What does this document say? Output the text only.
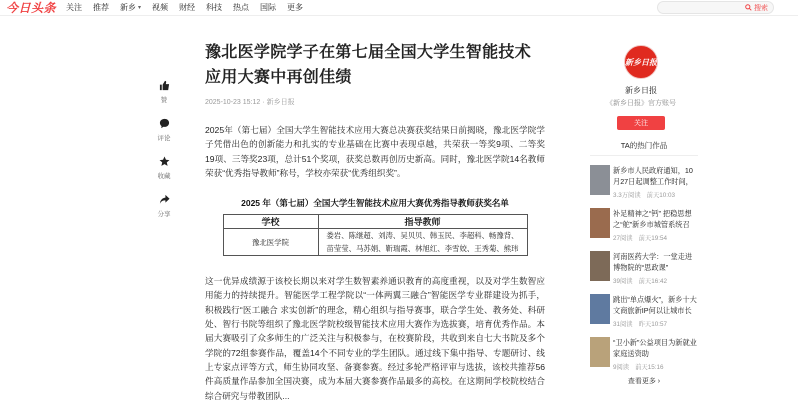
今日头条 关注 推荐 新乡 ▾ 视频 财经 科技 热点 国际 更多	搜索
赞
评论
收藏
分享
豫北医学院学子在第七届全国大学生智能技术应用大赛中再创佳绩
2025-10-23 15:12 · 新乡日报

2025年（第七届）全国大学生智能技术应用大赛总决赛获奖结果日前揭晓，豫北医学院学子凭借出色的创新能力和扎实的专业基础在比赛中表现卓越，共荣获一等奖9项、二等奖19项、三等奖23项，总计51个奖项，获奖总数再创历史新高。同时，豫北医学院14名教师荣获“优秀指导教师”称号，学校亦荣获“优秀组织奖”。

2025 年（第七届）全国大学生智能技术应用大赛优秀指导教师获奖名单
学校	指导教师
豫北医学院	娄岩、陈继超、刘涛、吴贝贝、韩玉民、李超科、畅豫背、
苗莹莹、马苏娟、靳瑞霞、林旭红、李雪姣、王秀菊、熊玮

这一优异成绩源于该校长期以来对学生数智素养通识教育的高度重视，以及对学生数智应用能力的持续提升。智能医学工程学院以“一体两翼三融合”智能医学专业群建设为抓手，积极践行“医工融合 求实创新”的理念，精心组织与指导赛事，联合学生处、教务处、科研处、智行书院等组织了豫北医学院校级智能技术应用大赛作为选拔赛，培育优秀作品。本届大赛吸引了众多师生的广泛关注与积极参与，在校赛阶段，共收到来自七大书院及多个学院的72组参赛作品，覆盖14个不同专业的学生团队。通过线下集中指导、专题研讨、线上专家点评等方式，师生协同攻坚、备赛参赛。经过多轮严格评审与选拔，该校共推荐56件高质量作品参加全国决赛，成为本届大赛参赛作品最多的高校。在这期间学校院校结合综合研究与带教团队...

新乡日报
新乡日报
《新乡日报》官方账号
关注
TA的热门作品
新乡市人民政府通知，10月27日起调整工作时间，
3.3万阅读 前天10:03
补足精神之“钙” 把稳思想之“舵”新乡市城管系统召
27阅读 前天19:54
河南医药大学：一堂走进博物院的“思政课”
39阅读 前天16:42
跳出“单点爆火”，新乡十大文商旅新IP何以让城市长
31阅读 昨天10:57
“卫小新”公益项目为新就业家庭送资助
9阅读 前天15:16
查看更多 ›
